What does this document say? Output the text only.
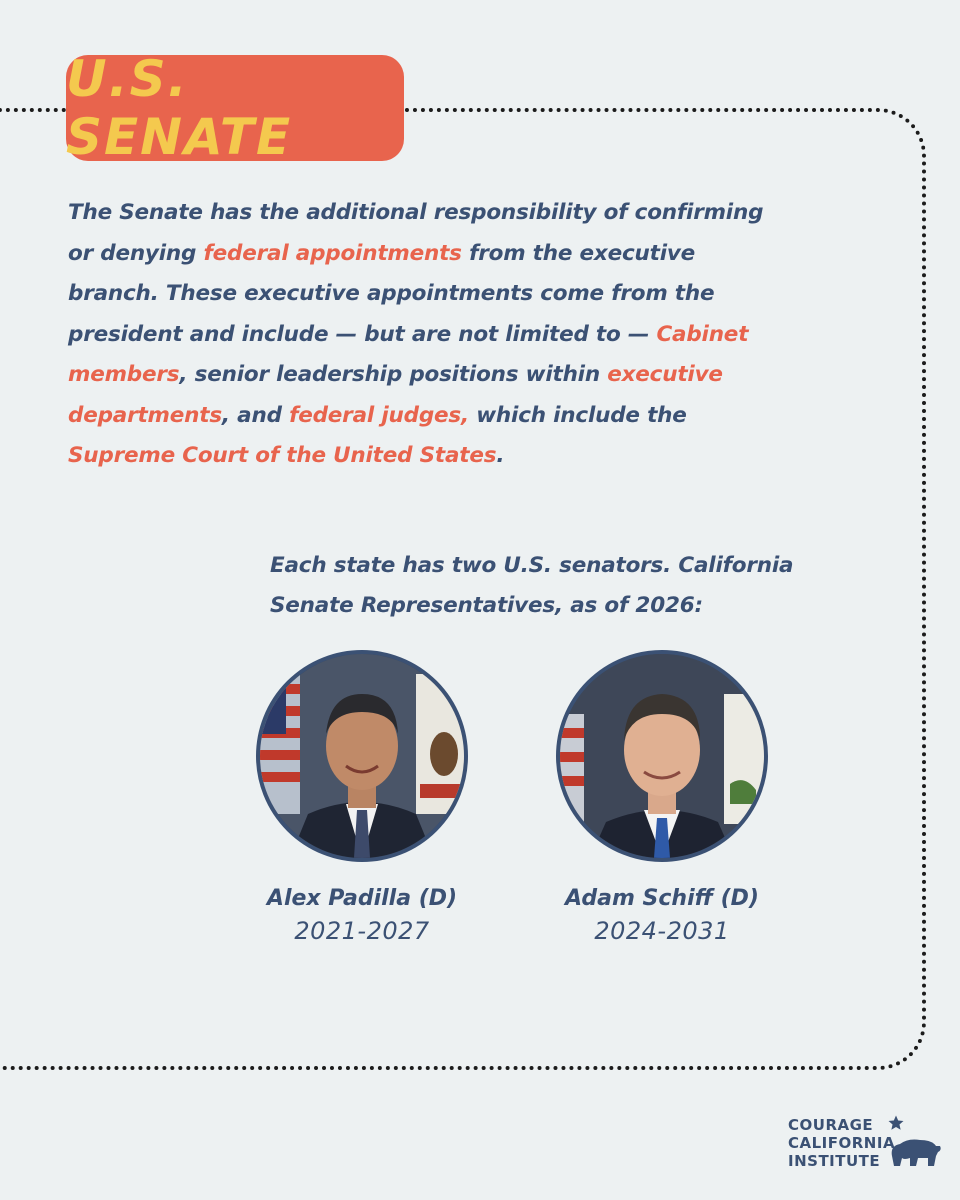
U.S. SENATE

The Senate has the additional responsibility of confirming or denying federal appointments from the executive branch. These executive appointments come from the president and include — but are not limited to — Cabinet members, senior leadership positions within executive departments, and federal judges, which include the Supreme Court of the United States.

Each state has two U.S. senators. California Senate Representatives, as of 2026:

Alex Padilla (D)
2021-2027
Adam Schiff (D)
2024-2031
COURAGE
CALIFORNIA
INSTITUTE
